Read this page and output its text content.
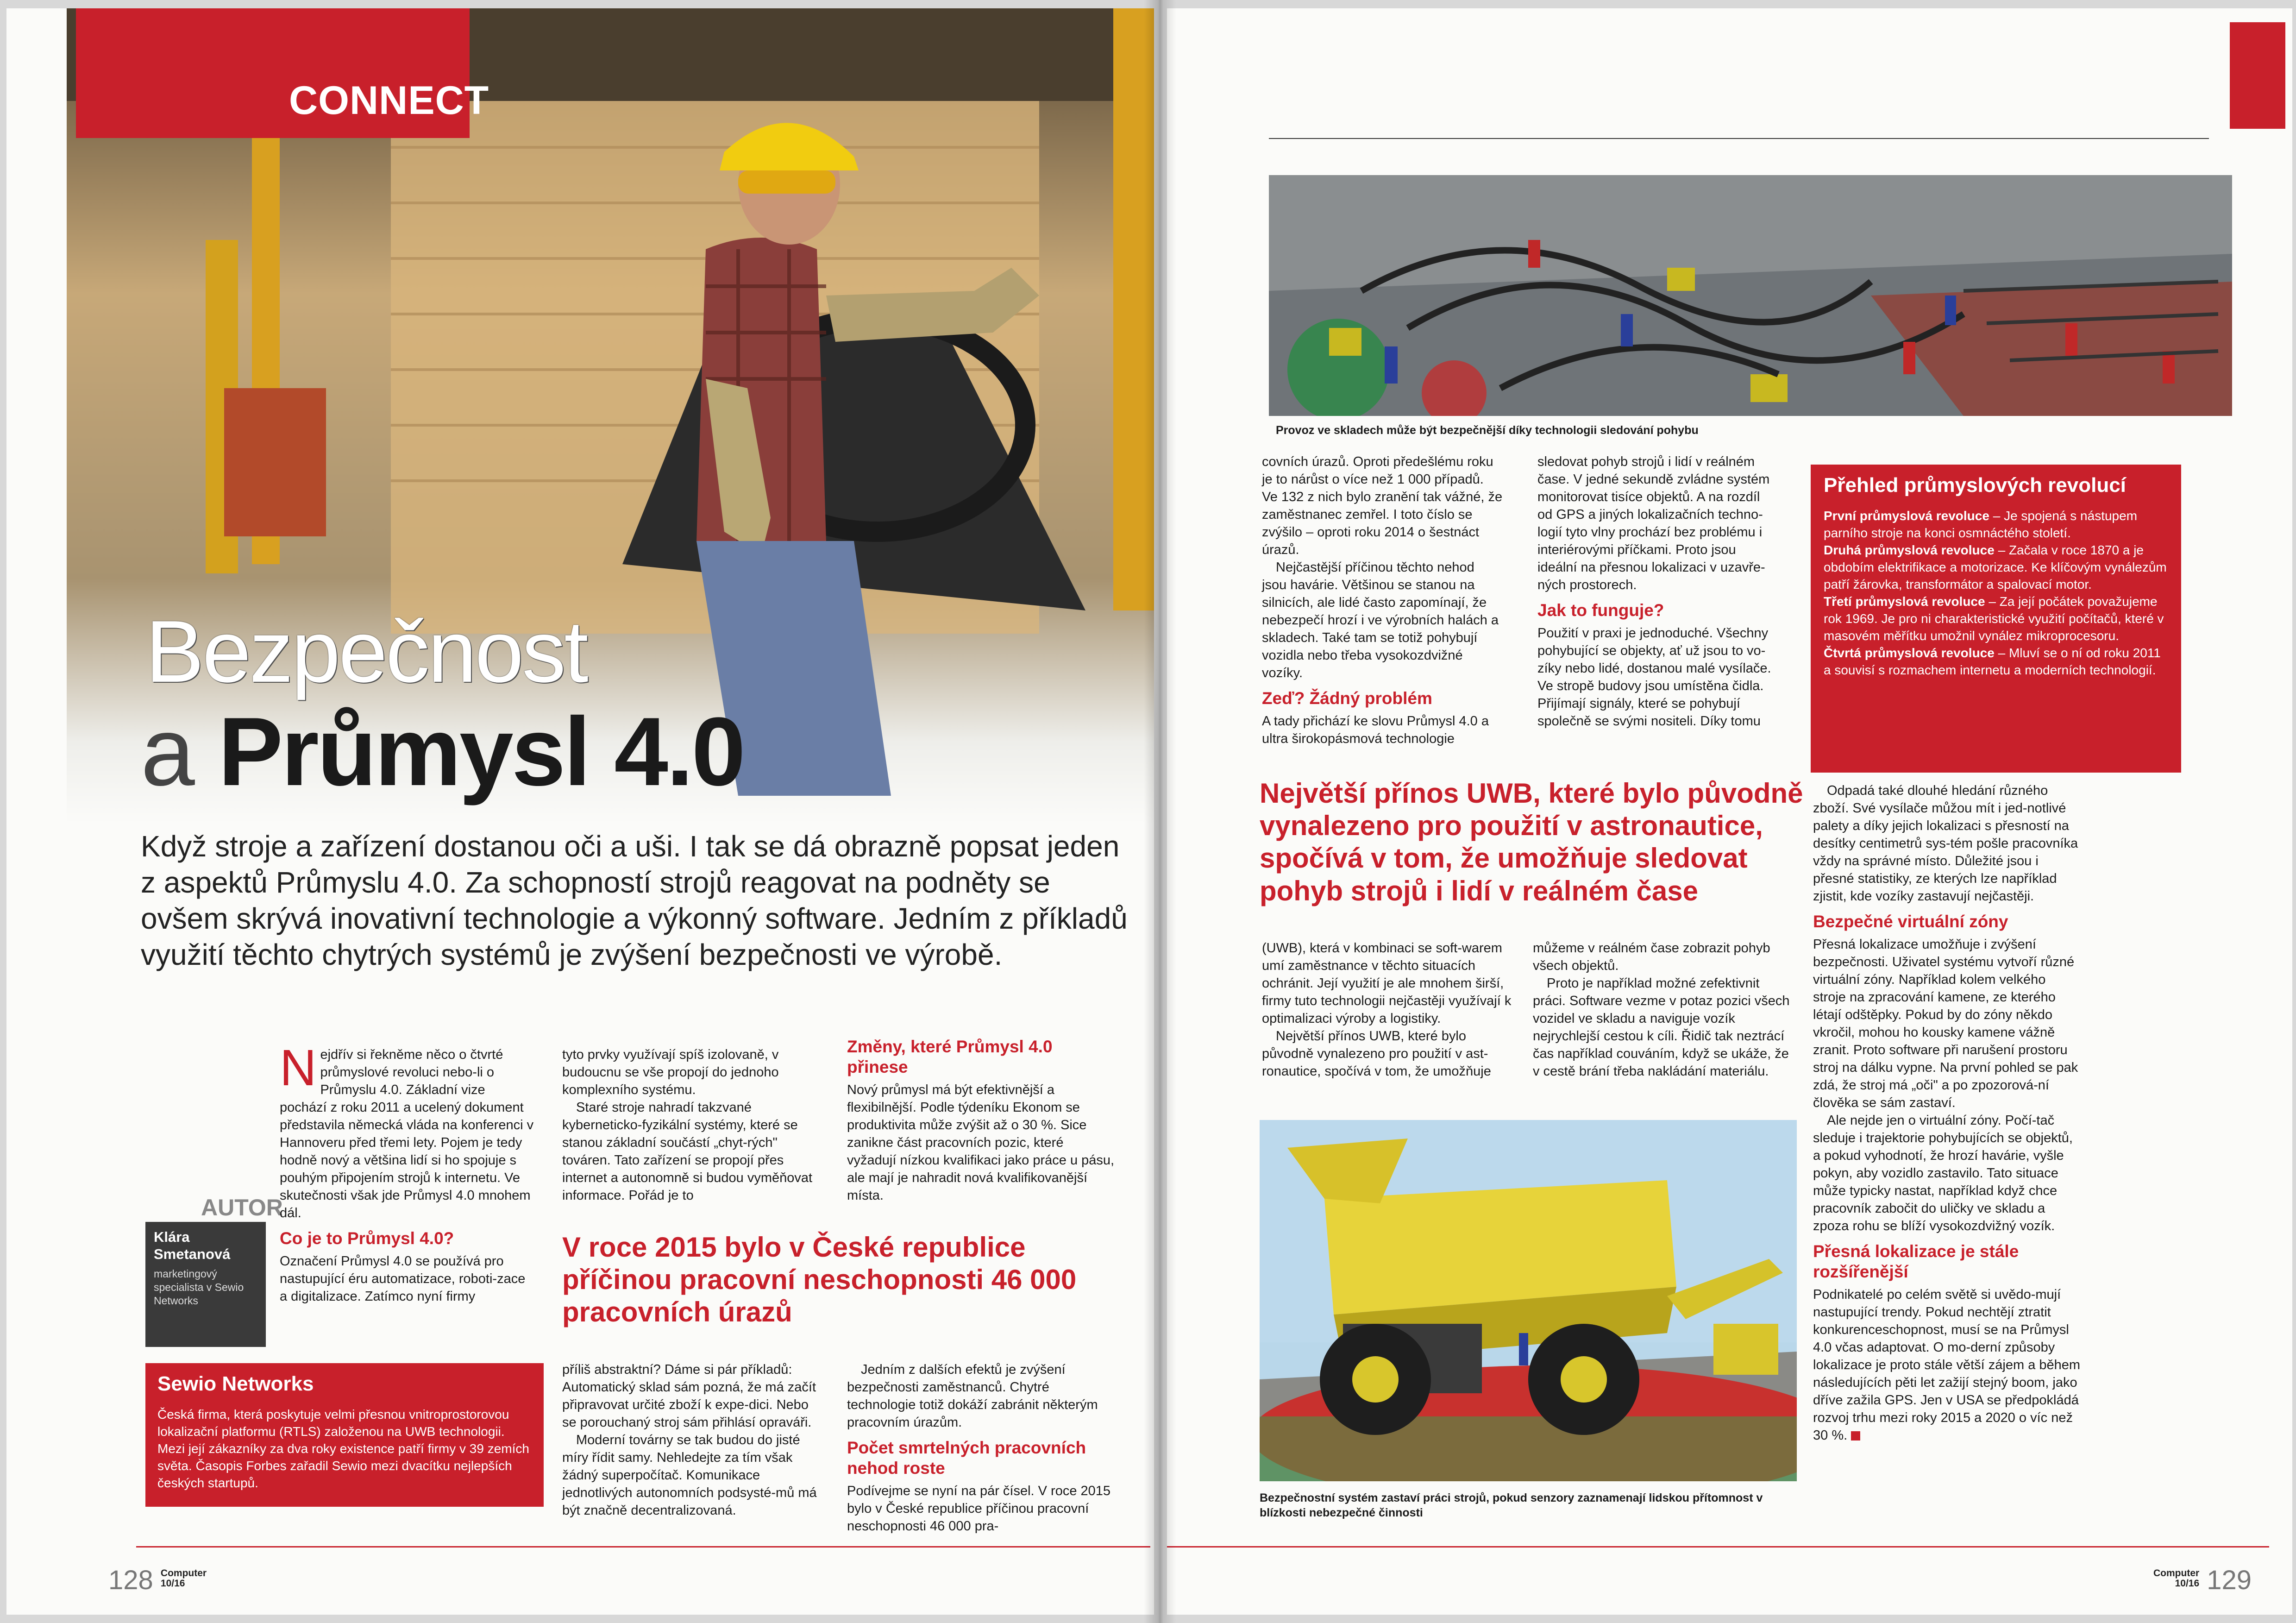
CONNECT
Bezpečnost
a Průmysl 4.0
Když stroje a zařízení dostanou oči a uši. I tak se dá obrazně popsat jeden z aspektů Průmyslu 4.0. Za schopností strojů reagovat na podněty se ovšem skrývá inovativní technologie a výkonný software. Jedním z příkladů využití těchto chytrých systémů je zvýšení bezpečnosti ve výrobě.
AUTOR
Klára Smetanová
marketingový specialista v Sewio Networks

Nejdřív si řekněme něco o čtvrté průmyslové revoluci nebo-li o Průmyslu 4.0. Základní vize pochází z roku 2011 a ucelený dokument představila německá vláda na konferenci v Hannoveru před třemi lety. Pojem je tedy hodně nový a většina lidí si ho spojuje s pouhým připojením strojů k internetu. Ve skutečnosti však jde Průmysl 4.0 mnohem dál.

Co je to Průmysl 4.0?

Označení Průmysl 4.0 se používá pro nastupující éru automatizace, roboti-zace a digitalizace. Zatímco nyní firmy

tyto prvky využívají spíš izolovaně, v budoucnu se vše propojí do jednoho komplexního systému.

Staré stroje nahradí takzvané kyberneticko-fyzikální systémy, které se stanou základní součástí „chyt-rých" továren. Tato zařízení se propojí přes internet a autonomně si budou vyměňovat informace. Pořád je to

Změny, které Průmysl 4.0 přinese

Nový průmysl má být efektivnější a flexibilnější. Podle týdeníku Ekonom se produktivita může zvýšit až o 30 %. Sice zanikne část pracovních pozic, které vyžadují nízkou kvalifikaci jako práce u pásu, ale mají je nahradit nová kvalifikovanější místa.

V roce 2015 bylo v České republice příčinou pracovní neschopnosti 46 000 pracovních úrazů
Sewio Networks

Česká firma, která poskytuje velmi přesnou vnitroprostorovou lokalizační platformu (RTLS) založenou na UWB technologii. Mezi její zákazníky za dva roky existence patří firmy v 39 zemích světa. Časopis Forbes zařadil Sewio mezi dvacítku nejlepších českých startupů.

příliš abstraktní? Dáme si pár příkladů: Automatický sklad sám pozná, že má začít připravovat určité zboží k expe-dici. Nebo se porouchaný stroj sám přihlásí opraváři.

Moderní továrny se tak budou do jisté míry řídit samy. Nehledejte za tím však žádný superpočítač. Komunikace jednotlivých autonomních podsysté-mů má být značně decentralizovaná.

Jedním z dalších efektů je zvýšení bezpečnosti zaměstnanců. Chytré technologie totiž dokáží zabránit některým pracovním úrazům.

Počet smrtelných pracovních nehod roste

Podívejme se nyní na pár čísel. V roce 2015 bylo v České republice příčinou pracovní neschopnosti 46 000 pra-

128 Computer
10/16
Provoz ve skladech může být bezpečnější díky technologii sledování pohybu

covních úrazů. Oproti předešlému roku je to nárůst o více než 1 000 případů. Ve 132 z nich bylo zranění tak vážné, že zaměstnanec zemřel. I toto číslo se zvýšilo – oproti roku 2014 o šestnáct úrazů.

Nejčastější příčinou těchto nehod jsou havárie. Většinou se stanou na silnicích, ale lidé často zapomínají, že nebezpečí hrozí i ve výrobních halách a skladech. Také tam se totiž pohybují vozidla nebo třeba vysokozdvižné vozíky.

Zeď? Žádný problém

A tady přichází ke slovu Průmysl 4.0 a ultra širokopásmová technologie

sledovat pohyb strojů i lidí v reálném čase. V jedné sekundě zvládne systém monitorovat tisíce objektů. A na rozdíl od GPS a jiných lokalizačních techno-logií tyto vlny prochází bez problému i interiérovými příčkami. Proto jsou ideální na přesnou lokalizaci v uzavře-ných prostorech.

Jak to funguje?

Použití v praxi je jednoduché. Všechny pohybující se objekty, ať už jsou to vo-zíky nebo lidé, dostanou malé vysílače. Ve stropě budovy jsou umístěna čidla. Přijímají signály, které se pohybují společně se svými nositeli. Díky tomu

Přehled průmyslových revolucí

První průmyslová revoluce – Je spojená s nástupem parního stroje na konci osmnáctého století.

Druhá průmyslová revoluce – Začala v roce 1870 a je obdobím elektrifikace a motorizace. Ke klíčovým vynálezům patří žárovka, transformátor a spalovací motor.

Třetí průmyslová revoluce – Za její počátek považujeme rok 1969. Je pro ni charakteristické využití počítačů, které v masovém měřítku umožnil vynález mikroprocesoru.

Čtvrtá průmyslová revoluce – Mluví se o ní od roku 2011 a souvisí s rozmachem internetu a moderních technologií.

Největší přínos UWB, které bylo původně vynalezeno pro použití v astronautice, spočívá v tom, že umožňuje sledovat pohyb strojů i lidí v reálném čase

(UWB), která v kombinaci se soft-warem umí zaměstnance v těchto situacích ochránit. Její využití je ale mnohem širší, firmy tuto technologii nejčastěji využívají k optimalizaci výroby a logistiky.

Největší přínos UWB, které bylo původně vynalezeno pro použití v ast-ronautice, spočívá v tom, že umožňuje

můžeme v reálném čase zobrazit pohyb všech objektů.

Proto je například možné zefektivnit práci. Software vezme v potaz pozici všech vozidel ve skladu a naviguje vozík nejrychlejší cestou k cíli. Řidič tak neztrácí čas například couváním, když se ukáže, že v cestě brání třeba nakládání materiálu.

Bezpečnostní systém zastaví práci strojů, pokud senzory zaznamenají lidskou přítomnost v blízkosti nebezpečné činnosti

Odpadá také dlouhé hledání různého zboží. Své vysílače můžou mít i jed-notlivé palety a díky jejich lokalizaci s přesností na desítky centimetrů sys-tém pošle pracovníka vždy na správné místo. Důležité jsou i přesné statistiky, ze kterých lze například zjistit, kde vozíky zastavují nejčastěji.

Bezpečné virtuální zóny

Přesná lokalizace umožňuje i zvýšení bezpečnosti. Uživatel systému vytvoří různé virtuální zóny. Například kolem velkého stroje na zpracování kamene, ze kterého létají odštěpky. Pokud by do zóny někdo vkročil, mohou ho kousky kamene vážně zranit. Proto software při narušení prostoru stroj na dálku vypne. Na první pohled se pak zdá, že stroj má „oči" a po zpozorová-ní člověka se sám zastaví.

Ale nejde jen o virtuální zóny. Počí-tač sleduje i trajektorie pohybujících se objektů, a pokud vyhodnotí, že hrozí havárie, vyšle pokyn, aby vozidlo zastavilo. Tato situace může typicky nastat, například když chce pracovník zabočit do uličky ve skladu a zpoza rohu se blíží vysokozdvižný vozík.

Přesná lokalizace je stále rozšířenější

Podnikatelé po celém světě si uvědo-mují nastupující trendy. Pokud nechtějí ztratit konkurenceschopnost, musí se na Průmysl 4.0 včas adaptovat. O mo-derní způsoby lokalizace je proto stále větší zájem a během následujících pěti let zažijí stejný boom, jako dříve zažila GPS. Jen v USA se předpokládá rozvoj trhu mezi roky 2015 a 2020 o víc než 30 %.

Computer
10/16 129
